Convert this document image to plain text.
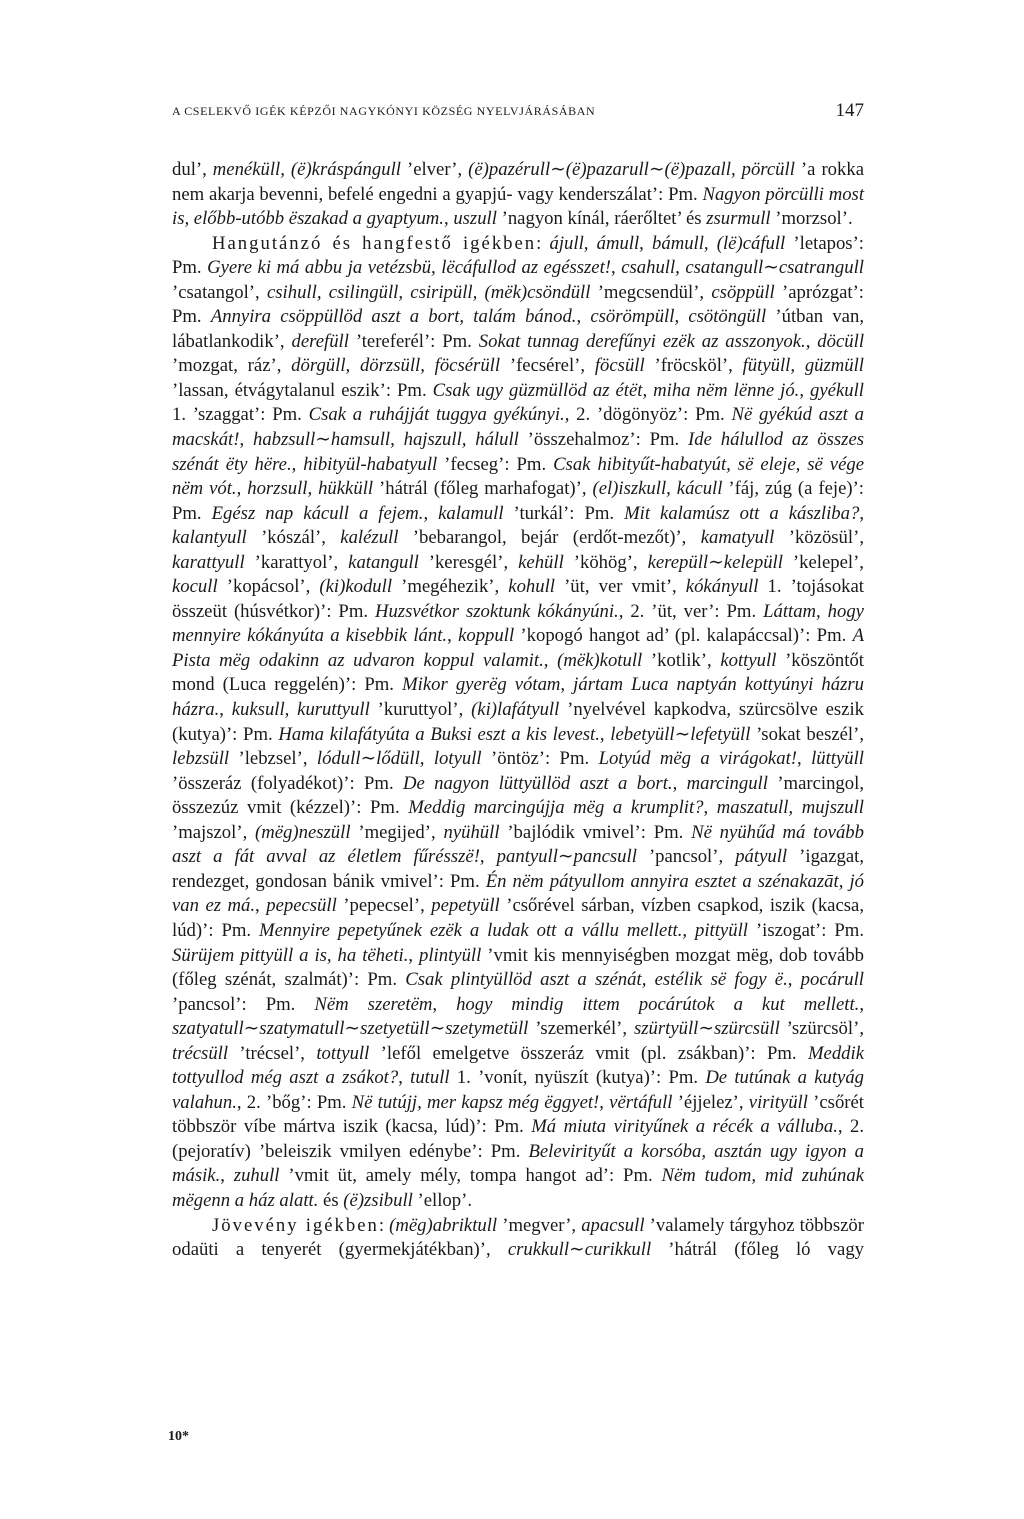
A CSELEKVŐ IGÉK KÉPZŐI NAGYKÓNYI KÖZSÉG NYELVJÁRÁSÁBAN	147

dul’, menéküll, (ë)kráspángull ’elver’, (ë)pazérull∼(ë)pazarull∼(ë)pazall, pörcüll ’a rokka nem akarja bevenni, befelé engedni a gyapjú- vagy kenderszálat’: Pm. Nagyon pörcülli most is, előbb-utóbb ëszakad a gyaptyum., uszull ’nagyon kínál, ráerőltet’ és zsurmull ’morzsol’.

Hangutánzó és hangfestő igékben: ájull, ámull, bámull, (lë)cáfull ’letapos’: Pm. Gyere ki má abbu ja vetézsbü, lëcáfullod az egésszet!, csahull, csatangull∼csatrangull ’csatangol’, csihull, csilingüll, csiripüll, (mëk)csöndüll ’megcsendül’, csöppüll ’aprózgat’: Pm. Annyira csöppüllöd aszt a bort, talám bánod., csörömpüll, csötöngüll ’útban van, lábatlankodik’, derefüll ’tereferél’: Pm. Sokat tunnag derefűnyi ezëk az asszonyok., döcüll ’mozgat, ráz’, dörgüll, dörzsüll, föcsérüll ’fecsérel’, föcsüll ’fröcsköl’, fütyüll, güzmüll ’lassan, étvágytalanul eszik’: Pm. Csak ugy güzmüllöd az étët, miha nëm lënne jó., gyékull 1. ’szaggat’: Pm. Csak a ruhájját tuggya gyékúnyi., 2. ’dögönyöz’: Pm. Në gyékúd aszt a macskát!, habzsull∼hamsull, hajszull, hálull ’összehalmoz’: Pm. Ide hálullod az összes szénát ëty hëre., hibityül-habatyull ’fecseg’: Pm. Csak hibityűt-habatyút, së eleje, së vége nëm vót., horzsull, hükküll ’hátrál (főleg marhafogat)’, (el)iszkull, kácull ’fáj, zúg (a feje)’: Pm. Egész nap kácull a fejem., kalamull ’turkál’: Pm. Mit kalamúsz ott a kászliba?, kalantyull ’kószál’, kalézull ’bebarangol, bejár (erdőt-mezőt)’, kamatyull ’közösül’, karattyull ’karattyol’, katangull ’keresgél’, kehüll ’köhög’, kerepüll∼kelepüll ’kelepel’, kocull ’kopácsol’, (ki)kodull ’megéhezik’, kohull ’üt, ver vmit’, kókányull 1. ’tojásokat összeüt (húsvétkor)’: Pm. Huzsvétkor szoktunk kókányúni., 2. ’üt, ver’: Pm. Láttam, hogy mennyire kókányúta a kisebbik lánt., koppull ’kopogó hangot ad’ (pl. kalapáccsal)’: Pm. A Pista mëg odakinn az udvaron koppul valamit., (mëk)kotull ’kotlik’, kottyull ’köszöntőt mond (Luca reggelén)’: Pm. Mikor gyerëg vótam, jártam Luca naptyán kottyúnyi házru házra., kuksull, kuruttyull ’kuruttyol’, (ki)lafátyull ’nyelvével kapkodva, szürcsölve eszik (kutya)’: Pm. Hama kilafátyúta a Buksi eszt a kis levest., lebetyüll∼lefetyüll ’sokat beszél’, lebzsüll ’lebzsel’, lódull∼lődüll, lotyull ’öntöz’: Pm. Lotyúd mëg a virágokat!, lüttyüll ’összeráz (folyadékot)’: Pm. De nagyon lüttyüllöd aszt a bort., marcingull ’marcingol, összezúz vmit (kézzel)’: Pm. Meddig marcingújja mëg a krumplit?, maszatull, mujszull ’majszol’, (mëg)neszüll ’megijed’, nyühüll ’bajlódik vmivel’: Pm. Në nyühűd má tovább aszt a fát avval az életlem fűrésszë!, pantyull∼pancsull ’pancsol’, pátyull ’igazgat, rendezget, gondosan bánik vmivel’: Pm. Én nëm pátyullom annyira esztet a szénakazāt, jó van ez má., pepecsüll ’pepecsel’, pepetyüll ’csőrével sárban, vízben csapkod, iszik (kacsa, lúd)’: Pm. Mennyire pepetyűnek ezëk a ludak ott a vállu mellett., pittyüll ’iszogat’: Pm. Sürüjem pittyüll a is, ha tëheti., plintyüll ’vmit kis mennyiségben mozgat mëg, dob tovább (főleg szénát, szalmát)’: Pm. Csak plintyüllöd aszt a szénát, estélik së fogy ë., pocárull ’pancsol’: Pm. Nëm szeretëm, hogy mindig ittem pocárútok a kut mellett., szatyatull∼szatymatull∼szetyetüll∼szetymetüll ’szemerkél’, szürtyüll∼szürcsüll ’szürcsöl’, trécsüll ’trécsel’, tottyull ’lefől emelgetve összeráz vmit (pl. zsákban)’: Pm. Meddik tottyullod még aszt a zsákot?, tutull 1. ’vonít, nyüszít (kutya)’: Pm. De tutúnak a kutyág valahun., 2. ’bőg’: Pm. Në tutújj, mer kapsz még ëggyet!, vërtáfull ’éjjelez’, virityüll ’csőrét többször víbe mártva iszik (kacsa, lúd)’: Pm. Má miuta virityűnek a récék a válluba., 2. (pejoratív) ’beleiszik vmilyen edénybe’: Pm. Belevirityűt a korsóba, asztán ugy igyon a másik., zuhull ’vmit üt, amely mély, tompa hangot ad’: Pm. Nëm tudom, mid zuhúnak mëgenn a ház alatt. és (ë)zsibull ’ellop’.

Jövevény igékben: (mëg)abriktull ’megver’, apacsull ’valamely tárgyhoz többször odaüti a tenyerét (gyermekjátékban)’, crukkull∼curikkull ’hátrál (főleg ló vagy

10*
